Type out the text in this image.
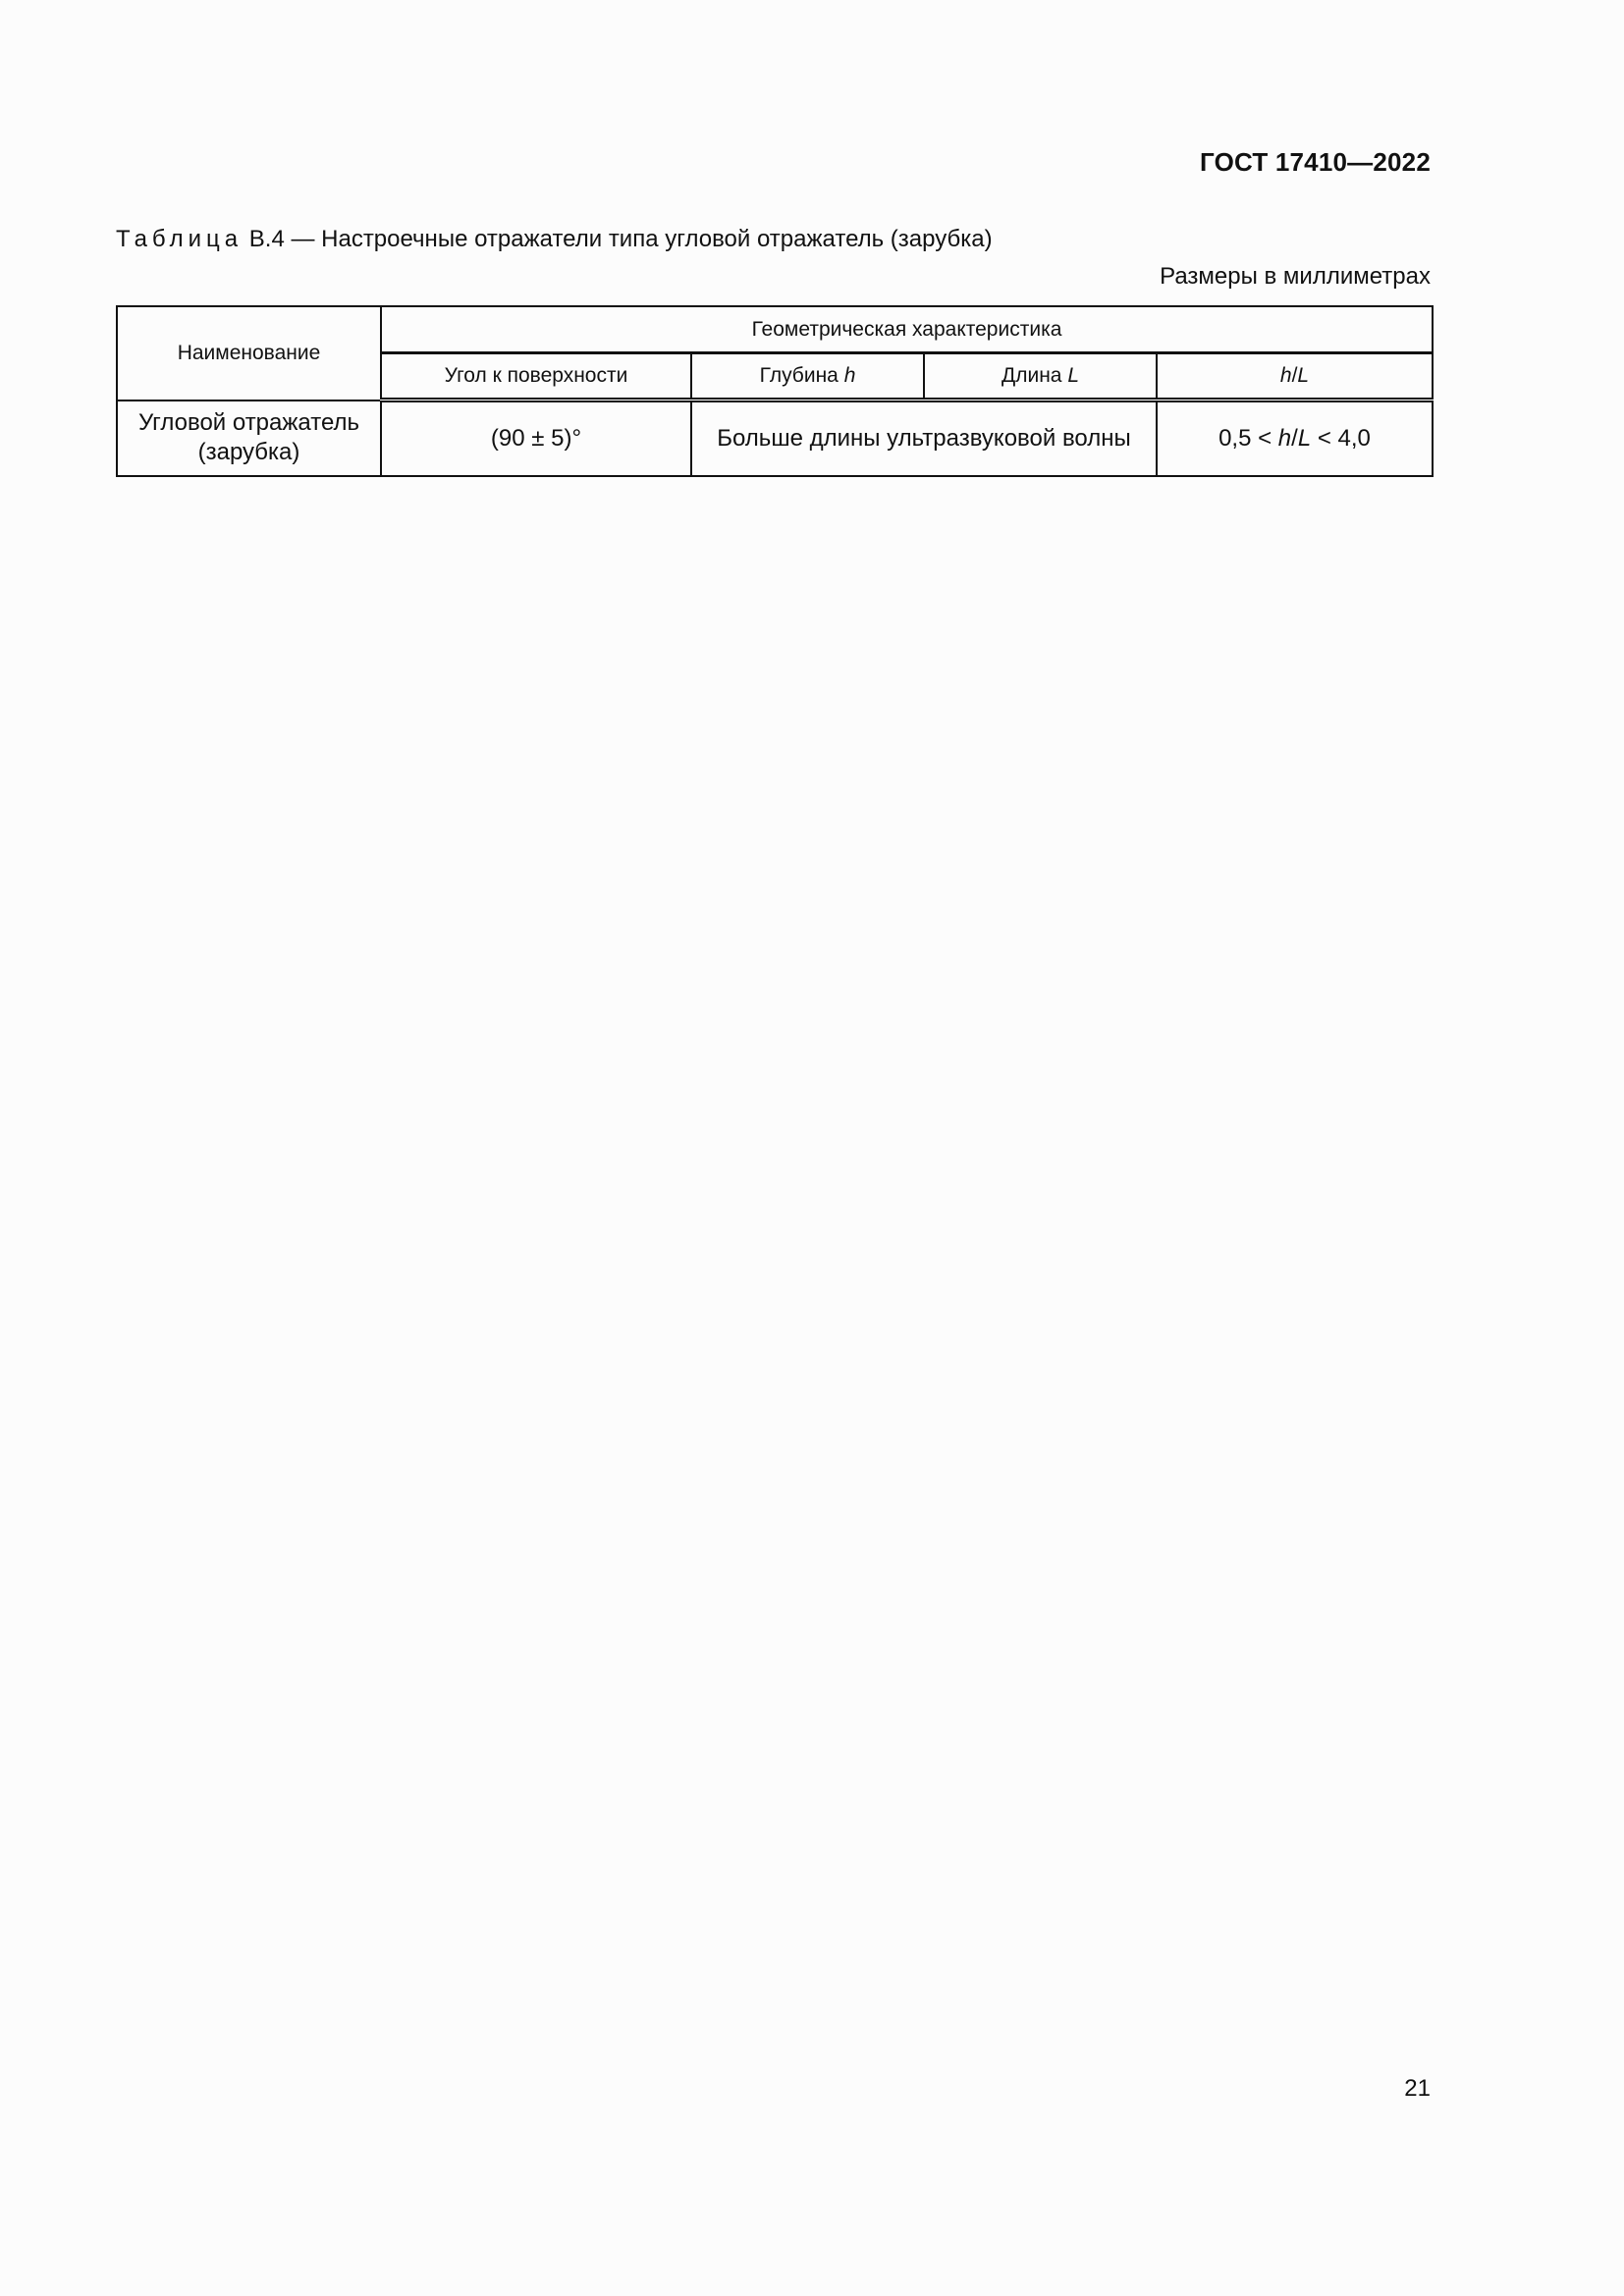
ГОСТ 17410—2022
Таблица В.4 — Настроечные отражатели типа угловой отражатель (зарубка)
Размеры в миллиметрах
Наименование	Геометрическая характеристика			
	Угол к поверхности	Глубина h	Длина L	h/L
Угловой отражатель (зарубка)	(90 ± 5)°	Больше длины ультразвуковой волны		0,5 < h/L < 4,0
21
